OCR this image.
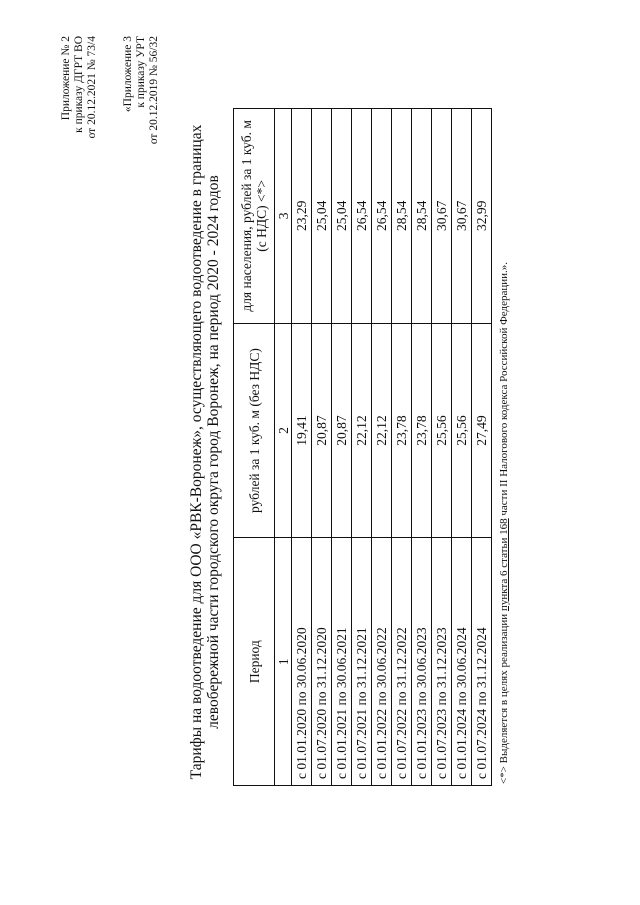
Приложение № 2 к приказу ДГРТ ВО от 20.12.2021 № 73/4 «Приложение 3 к приказу УРТ от 20.12.2019 № 56/32
Тарифы на водоотведение для ООО «РВК-Воронеж», осуществляющего водоотведение в границах левобережной части городского округа город Воронеж, на период 2020 - 2024 годов Период	рублей за 1 куб. м (без НДС)	для населения, рублей за 1 куб. м (с НДС) <*>
1	2	3
с 01.01.2020 по 30.06.2020	19,41	23,29
с 01.07.2020 по 31.12.2020	20,87	25,04
с 01.01.2021 по 30.06.2021	20,87	25,04
с 01.07.2021 по 31.12.2021	22,12	26,54
с 01.01.2022 по 30.06.2022	22,12	26,54
с 01.07.2022 по 31.12.2022	23,78	28,54
с 01.01.2023 по 30.06.2023	23,78	28,54
с 01.07.2023 по 31.12.2023	25,56	30,67
с 01.01.2024 по 30.06.2024	25,56	30,67
с 01.07.2024 по 31.12.2024	27,49	32,99
<*> Выделяется в целях реализации пункта 6 статьи 168 части II Налогового кодекса Российской Федерации.».
